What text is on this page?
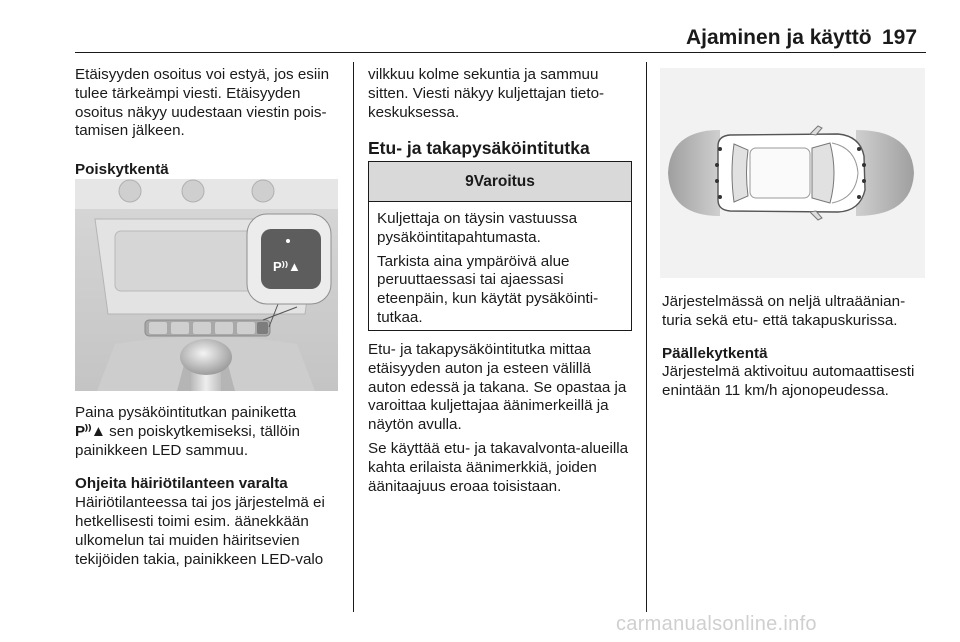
Ajaminen ja käyttö 197

Etäisyyden osoitus voi estyä, jos esiin tulee tärkeämpi viesti. Etäisyyden osoitus näkyy uudestaan viestin poistamisen jälkeen.

Poiskytkentä

P⁾⁾▲

Paina pysäköintitutkan painiketta
P⁾⁾▲ sen poiskytkemiseksi, tällöin painikkeen LED sammuu.

Ohjeita häiriötilanteen varalta

Häiriötilanteessa tai jos järjestelmä ei hetkellisesti toimi esim. äänekkään ulkomelun tai muiden häiritsevien tekijöiden takia, painikkeen LED-valo

vilkkuu kolme sekuntia ja sammuu sitten. Viesti näkyy kuljettajan tietokeskuksessa.

Etu- ja takapysäköintitutka

9Varoitus

Kuljettaja on täysin vastuussa pysäköintitapahtumasta.

Tarkista aina ympäröivä alue peruuttaessasi tai ajaessasi eteenpäin, kun käytät pysäköintitutkaa.

Etu- ja takapysäköintitutka mittaa etäisyyden auton ja esteen välillä auton edessä ja takana. Se opastaa ja varoittaa kuljettajaa äänimerkeillä ja näytön avulla.

Se käyttää etu- ja takavalvonta-alueilla kahta erilaista äänimerkkiä, joiden äänitaajuus eroaa toisistaan.

Järjestelmässä on neljä ultraäänianturia sekä etu- että takapuskurissa.

Päällekytkentä

Järjestelmä aktivoituu automaattisesti enintään 11 km/h ajonopeudessa.

carmanualsonline.info
